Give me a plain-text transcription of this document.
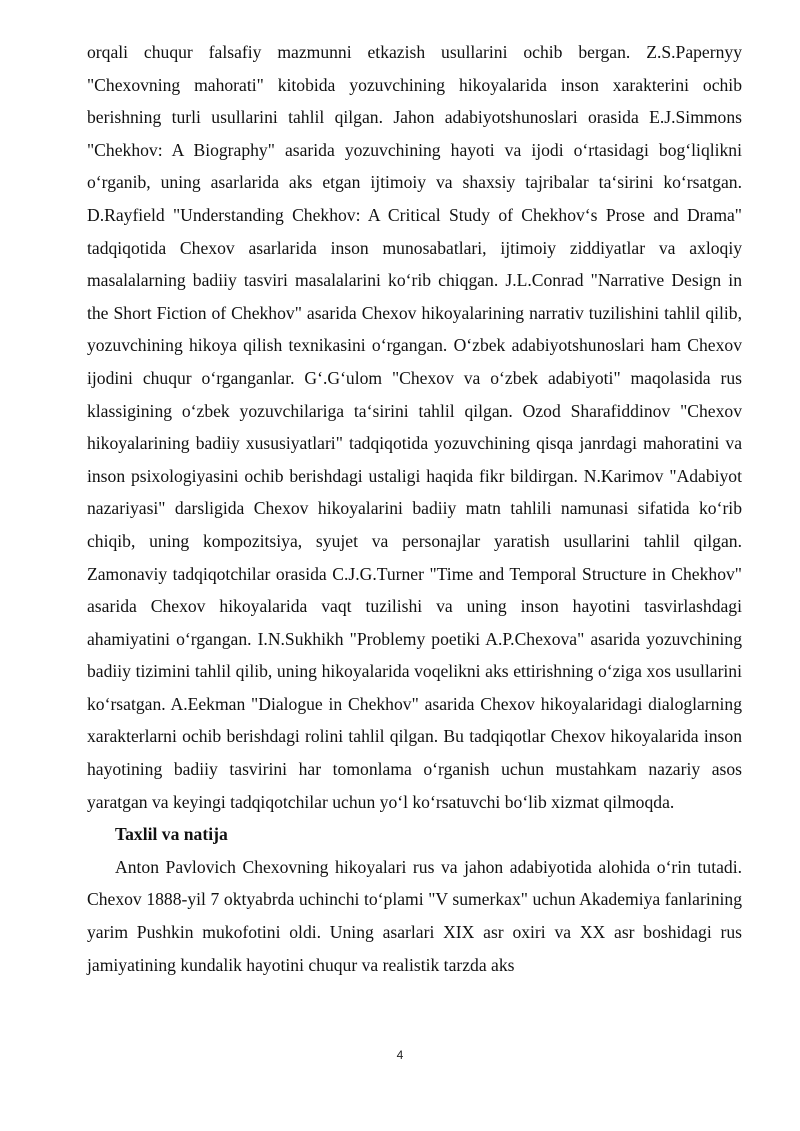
orqali chuqur falsafiy mazmunni etkazish usullarini ochib bergan. Z.S.Papernyy "Chexovning mahorati" kitobida yozuvchining hikoyalarida inson xarakterini ochib berishning turli usullarini tahlil qilgan. Jahon adabiyotshunoslari orasida E.J.Simmons "Chekhov: A Biography" asarida yozuvchining hayoti va ijodi oʻrtasidagi bogʻliqlikni oʻrganib, uning asarlarida aks etgan ijtimoiy va shaxsiy tajribalar taʻsirini koʻrsatgan. D.Rayfield "Understanding Chekhov: A Critical Study of Chekhovʻs Prose and Drama" tadqiqotida Chexov asarlarida inson munosabatlari, ijtimoiy ziddiyatlar va axloqiy masalalarning badiiy tasviri masalalarini koʻrib chiqgan. J.L.Conrad "Narrative Design in the Short Fiction of Chekhov" asarida Chexov hikoyalarining narrativ tuzilishini tahlil qilib, yozuvchining hikoya qilish texnikasini oʻrgangan. Oʻzbek adabiyotshunoslari ham Chexov ijodini chuqur oʻrganganlar. Gʻ.Gʻulom "Chexov va oʻzbek adabiyoti" maqolasida rus klassigining oʻzbek yozuvchilariga taʻsirini tahlil qilgan. Ozod Sharafiddinov "Chexov hikoyalarining badiiy xususiyatlari" tadqiqotida yozuvchining qisqa janrdagi mahoratini va inson psixologiyasini ochib berishdagi ustaligi haqida fikr bildirgan. N.Karimov "Adabiyot nazariyasi" darsligida Chexov hikoyalarini badiiy matn tahlili namunasi sifatida koʻrib chiqib, uning kompozitsiya, syujet va personajlar yaratish usullarini tahlil qilgan. Zamonaviy tadqiqotchilar orasida C.J.G.Turner "Time and Temporal Structure in Chekhov" asarida Chexov hikoyalarida vaqt tuzilishi va uning inson hayotini tasvirlashdagi ahamiyatini oʻrgangan. I.N.Sukhikh "Problemy poetiki A.P.Chexova" asarida yozuvchining badiiy tizimini tahlil qilib, uning hikoyalarida voqelikni aks ettirishning oʻziga xos usullarini koʻrsatgan. A.Eekman "Dialogue in Chekhov" asarida Chexov hikoyalaridagi dialoglarning xarakterlarni ochib berishdagi rolini tahlil qilgan. Bu tadqiqotlar Chexov hikoyalarida inson hayotining badiiy tasvirini har tomonlama oʻrganish uchun mustahkam nazariy asos yaratgan va keyingi tadqiqotchilar uchun yoʻl koʻrsatuvchi boʻlib xizmat qilmoqda.

Taxlil va natija

Anton Pavlovich Chexovning hikoyalari rus va jahon adabiyotida alohida oʻrin tutadi. Chexov 1888-yil 7 oktyabrda uchinchi toʻplami "V sumerkax" uchun Akademiya fanlarining yarim Pushkin mukofotini oldi. Uning asarlari XIX asr oxiri va XX asr boshidagi rus jamiyatining kundalik hayotini chuqur va realistik tarzda aks

4
